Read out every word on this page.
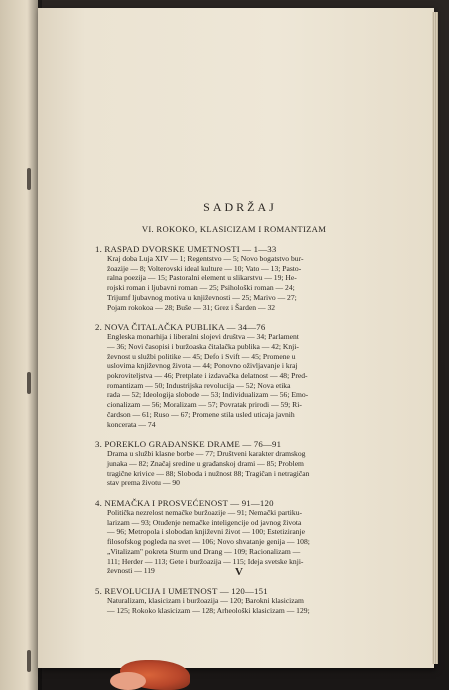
SADRŽAJ
VI. ROKOKO, KLASICIZAM I ROMANTIZAM
1. RASPAD DVORSKE UMETNOSTI — 1—33
Kraj doba Luja XIV — 1; Regentstvo — 5; Novo bogatstvo bur-
žoazije — 8; Volterovski ideal kulture — 10; Vato — 13; Pasto-
ralna poezija — 15; Pastoralni element u slikarstvu — 19; He-
rojski roman i ljubavni roman — 25; Psihološki roman — 24;
Trijumf ljubavnog motiva u književnosti — 25; Marivo — 27;
Pojam rokokoa — 28; Buše — 31; Grez i Šarden — 32
2. NOVA ČITALAČKA PUBLIKA — 34—76
Engleska monarhija i liberalni slojevi društva — 34; Parlament
— 36; Novi časopisi i buržoaska čitalačka publika — 42; Knji-
ževnost u službi politike — 45; Defo i Svift — 45; Promene u
uslovima književnog života — 44; Ponovno oživljavanje i kraj
pokroviteljstva — 46; Pretplate i izdavačka delatnost — 48; Pred-
romantizam — 50; Industrijska revolucija — 52; Nova etika
rada — 52; Ideologija slobode — 53; Individualizam — 56; Emo-
cionalizam — 56; Moralizam — 57; Povratak prirodi — 59; Ri-
čardson — 61; Ruso — 67; Promene stila usled uticaja javnih
koncerata — 74
3. POREKLO GRAĐANSKE DRAME — 76—91
Drama u službi klasne borbe — 77; Društveni karakter dramskog
junaka — 82; Značaj sredine u građanskoj drami — 85; Problem
tragične krivice — 88; Sloboda i nužnost 88; Tragičan i netragičan
stav prema životu — 90
4. NEMAČKA I PROSVEĆENOST — 91—120
Politička nezrelost nemačke buržoazije — 91; Nemački partiku-
larizam — 93; Otuđenje nemačke inteligencije od javnog života
— 96; Metropola i slobodan književni život — 100; Estetiziranje
filosofskog pogleda na svet — 106; Novo shvatanje genija — 108;
„Vitalizam" pokreta Sturm und Drang — 109; Racionalizam —
111; Herder — 113; Gete i buržoazija — 115; Ideja svetske knji-
ževnosti — 119
5. REVOLUCIJA I UMETNOST — 120—151
Naturalizam, klasicizam i buržoazija — 120; Barokni klasicizam
— 125; Rokoko klasicizam — 128; Arheološki klasicizam — 129;
V
